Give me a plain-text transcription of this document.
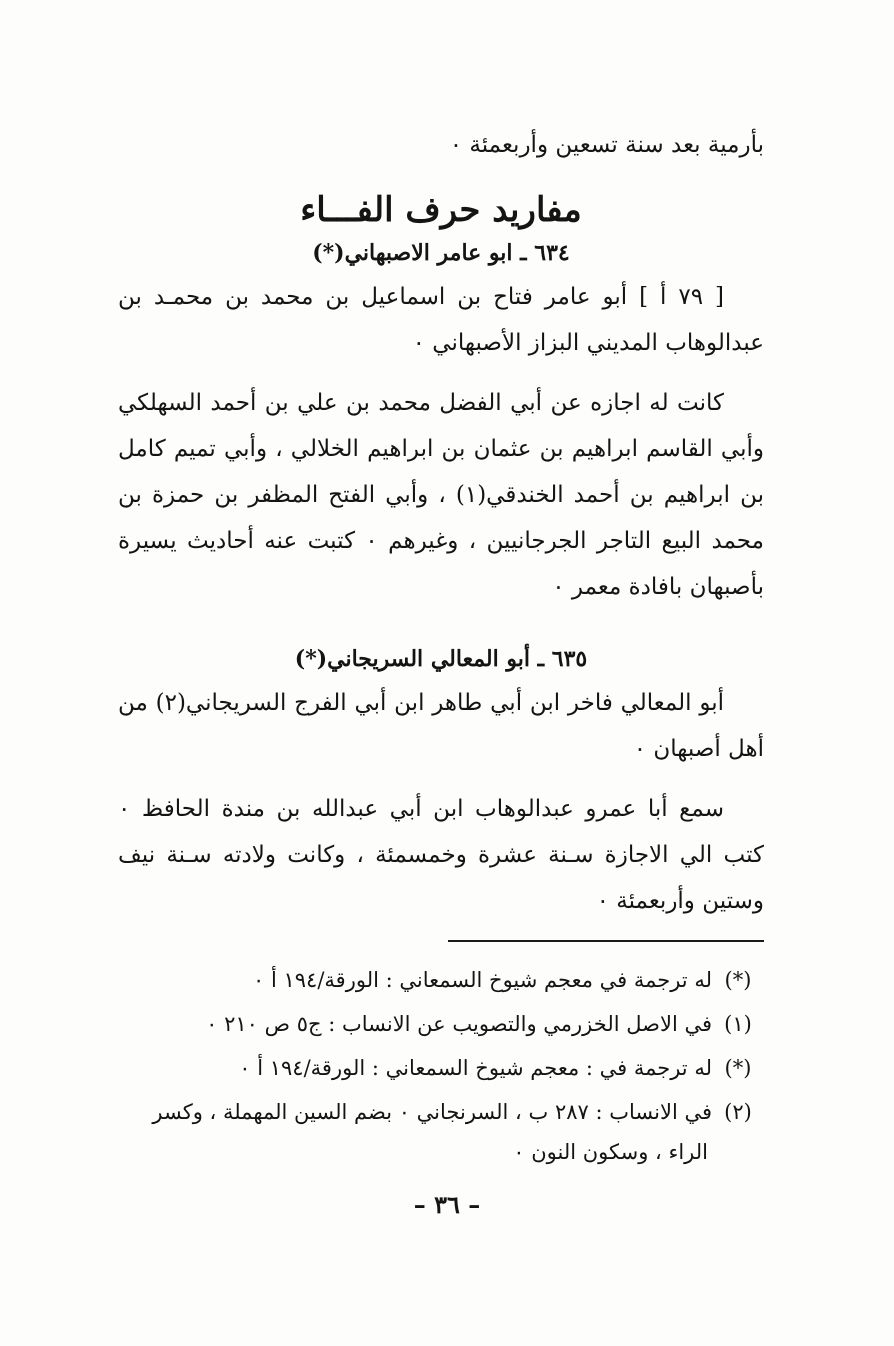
بأرمية بعد سنة تسعين وأربعمئة ٠

مفاريد حرف الفـــاء
٦٣٤ ـ ابو عامر الاصبهاني(*)

[ ٧٩ أ ] أبو عامر فتاح بن اسماعيل بن محمد بن محمـد بن عبدالوهاب المديني البزاز الأصبهاني ٠

كانت له اجازه عن أبي الفضل محمد بن علي بن أحمد السهلكي وأبي القاسم ابراهيم بن عثمان بن ابراهيم الخلالي ، وأبي تميم كامل بن ابراهيم بن أحمد الخندقي(١) ، وأبي الفتح المظفر بن حمزة بن محمد البيع التاجر الجرجانيين ، وغيرهم ٠ كتبت عنه أحاديث يسيرة بأصبهان بافادة معمر ٠

٦٣٥ ـ أبو المعالي السريجاني(*)

أبو المعالي فاخر ابن أبي طاهر ابن أبي الفرج السريجاني(٢) من أهل أصبهان ٠

سمع أبا عمرو عبدالوهاب ابن أبي عبدالله بن مندة الحافظ ٠ كتب الي الاجازة سـنة عشرة وخمسمئة ، وكانت ولادته سـنة نيف وستين وأربعمئة ٠

(*)له ترجمة في معجم شيوخ السمعاني : الورقة/١٩٤ أ ٠

(١)في الاصل الخزرمي والتصويب عن الانساب : ج٥ ص ٢١٠ ٠

(*)له ترجمة في : معجم شيوخ السمعاني : الورقة/١٩٤ أ ٠

(٢)في الانساب : ٢٨٧ ب ، السرنجاني ٠ بضم السين المهملة ، وكسر الراء ، وسكون النون ٠

– ٣٦ –
